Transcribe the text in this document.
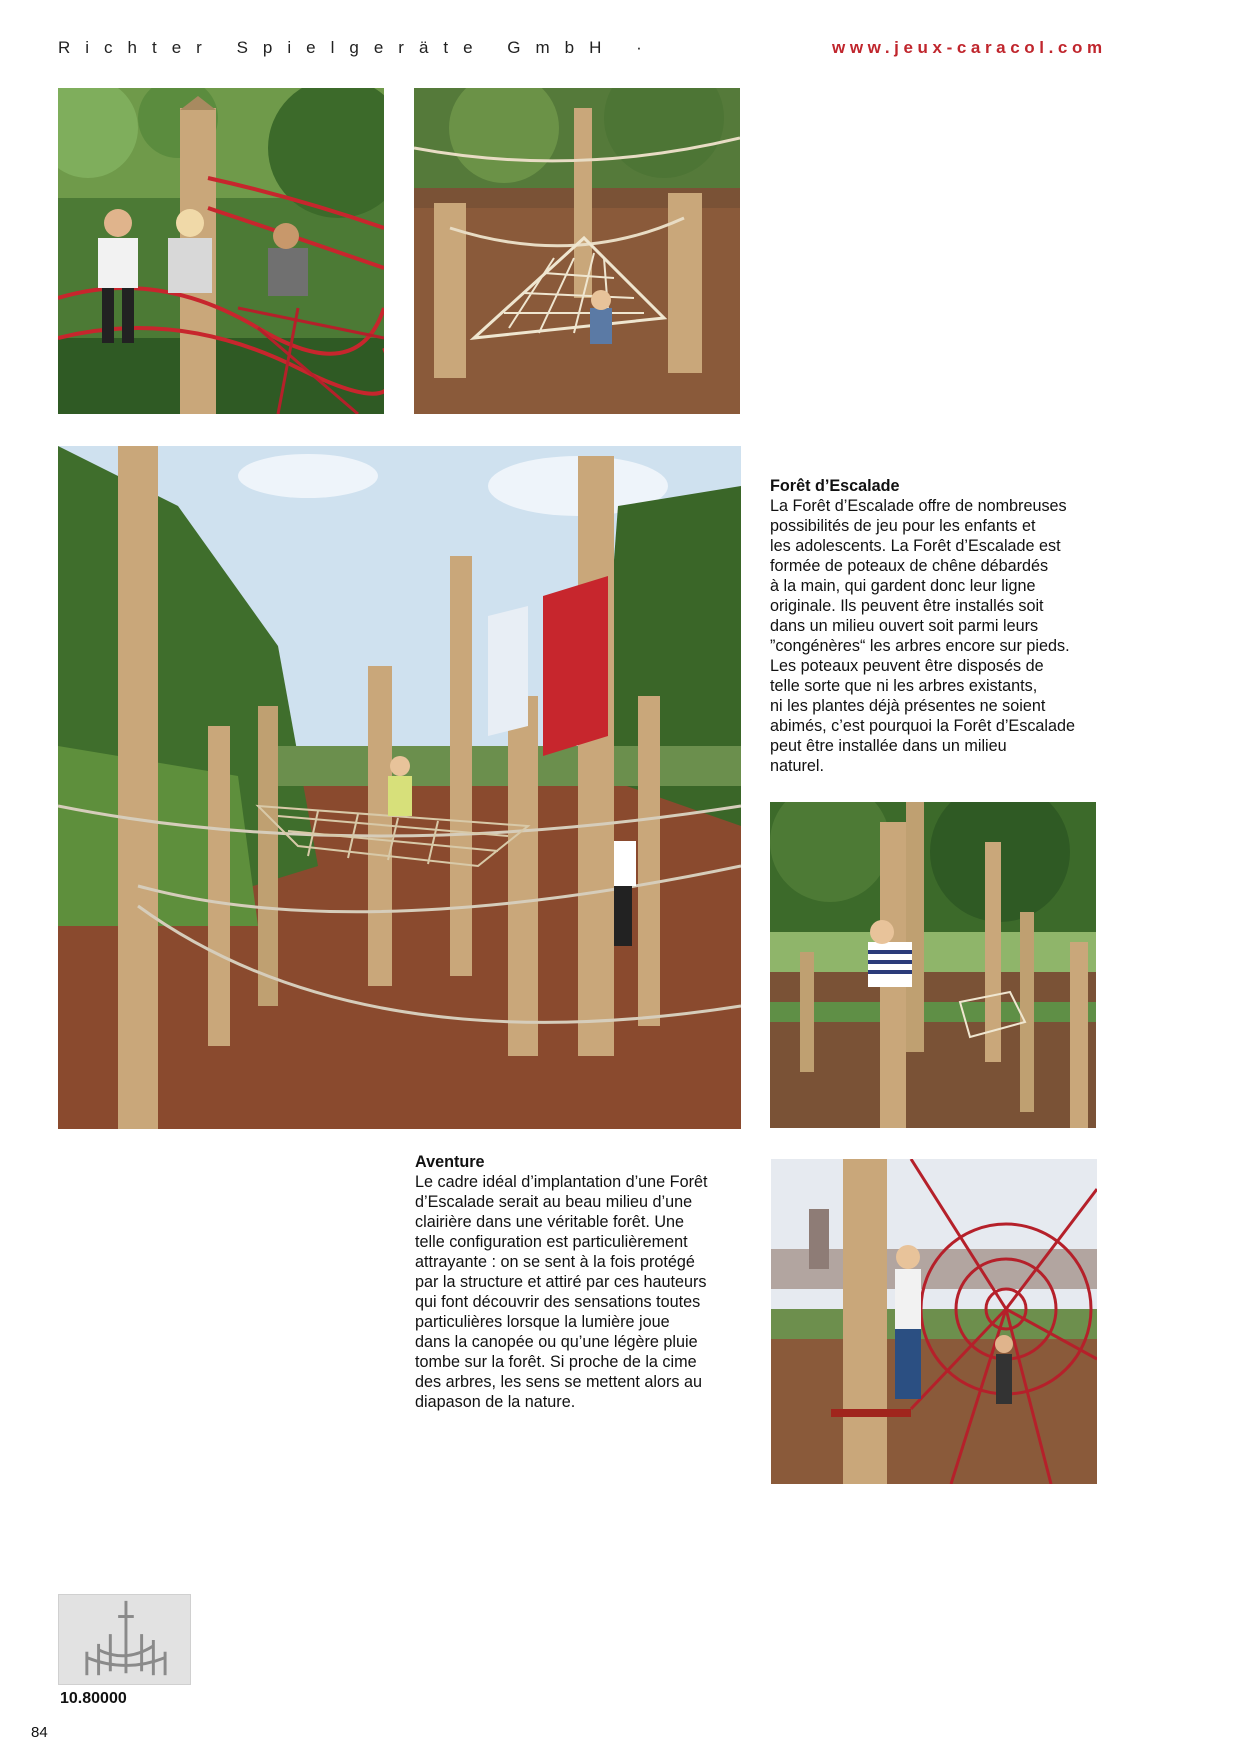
Richter Spielgeräte GmbH ·	www.jeux-caracol.com
Forêt d’Escalade

La Forêt d’Escalade offre de nombreuses
possibilités de jeu pour les enfants et
les adolescents. La Forêt d’Escalade est
formée de poteaux de chêne débardés
à la main, qui gardent donc leur ligne
originale. Ils peuvent être installés soit
dans un milieu ouvert soit parmi leurs
”congénères“ les arbres encore sur pieds.
Les poteaux peuvent être disposés de
telle sorte que ni les arbres existants,
ni les plantes déjà présentes ne soient
abimés, c’est pourquoi la Forêt d’Escalade
peut être installée dans un milieu
naturel.

Aventure

Le cadre idéal d’implantation d’une Forêt
d’Escalade serait au beau milieu d’une
clairière dans une véritable forêt. Une
telle configuration est particulièrement
attrayante : on se sent à la fois protégé
par la structure et attiré par ces hauteurs
qui font découvrir des sensations toutes
particulières lorsque la lumière joue
dans la canopée ou qu’une légère pluie
tombe sur la forêt. Si proche de la cime
des arbres, les sens se mettent alors au
diapason de la nature.

10.80000
84
